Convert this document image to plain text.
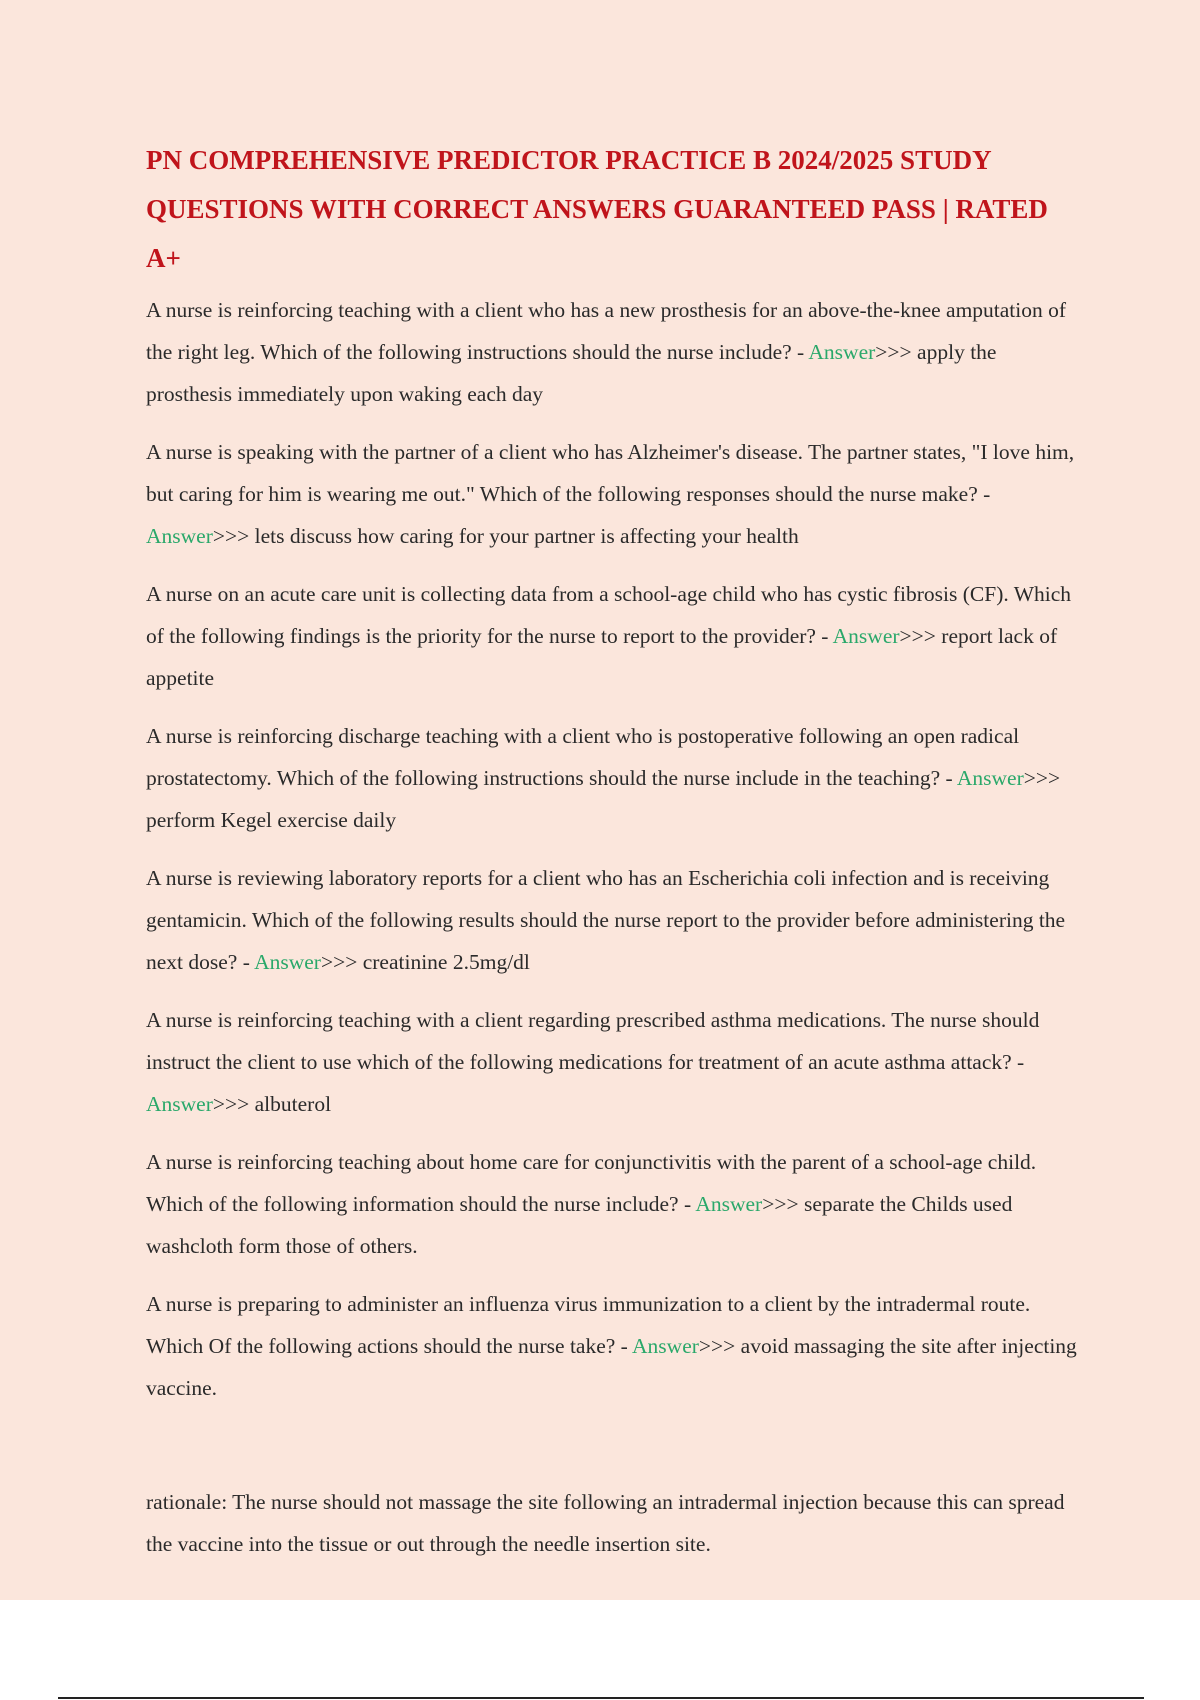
PN COMPREHENSIVE PREDICTOR PRACTICE B 2024/2025 STUDY QUESTIONS WITH CORRECT ANSWERS GUARANTEED PASS | RATED A+

A nurse is reinforcing teaching with a client who has a new prosthesis for an above-the-knee amputation of the right leg. Which of the following instructions should the nurse include? - Answer>>> apply the prosthesis immediately upon waking each day

A nurse is speaking with the partner of a client who has Alzheimer's disease. The partner states, "I love him, but caring for him is wearing me out." Which of the following responses should the nurse make? - Answer>>> lets discuss how caring for your partner is affecting your health

A nurse on an acute care unit is collecting data from a school-age child who has cystic fibrosis (CF). Which of the following findings is the priority for the nurse to report to the provider? - Answer>>> report lack of appetite

A nurse is reinforcing discharge teaching with a client who is postoperative following an open radical prostatectomy. Which of the following instructions should the nurse include in the teaching? - Answer>>> perform Kegel exercise daily

A nurse is reviewing laboratory reports for a client who has an Escherichia coli infection and is receiving gentamicin. Which of the following results should the nurse report to the provider before administering the next dose? - Answer>>> creatinine 2.5mg/dl

A nurse is reinforcing teaching with a client regarding prescribed asthma medications. The nurse should instruct the client to use which of the following medications for treatment of an acute asthma attack? - Answer>>> albuterol

A nurse is reinforcing teaching about home care for conjunctivitis with the parent of a school-age child. Which of the following information should the nurse include? - Answer>>> separate the Childs used washcloth form those of others.

A nurse is preparing to administer an influenza virus immunization to a client by the intradermal route. Which Of the following actions should the nurse take? - Answer>>> avoid massaging the site after injecting vaccine.

rationale: The nurse should not massage the site following an intradermal injection because this can spread the vaccine into the tissue or out through the needle insertion site.
